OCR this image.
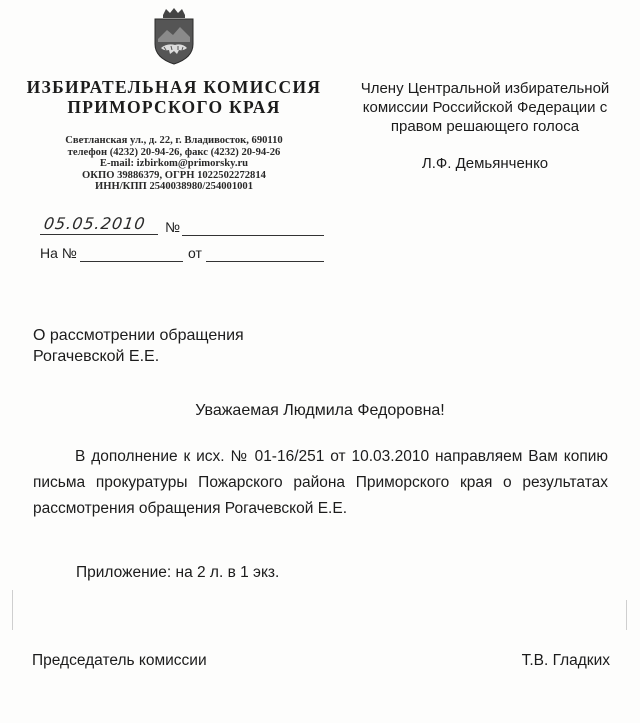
ИЗБИРАТЕЛЬНАЯ КОМИССИЯ
ПРИМОРСКОГО КРАЯ
Светланская ул., д. 22, г. Владивосток, 690110
телефон (4232) 20-94-26, факс (4232) 20-94-26
E-mail: izbirkom@primorsky.ru
ОКПО 39886379, ОГРН 1022502272814
ИНН/КПП 2540038980/254001001
Члену Центральной избирательной
комиссии Российской Федерации с
правом решающего голоса
Л.Ф. Демьянченко
05.05.2010 №
На №	от
О рассмотрении обращения
Рогачевской Е.Е.
Уважаемая Людмила Федоровна!
В дополнение к исх. № 01-16/251 от 10.03.2010 направляем Вам копию
письма прокуратуры Пожарского района Приморского края о результатах
рассмотрения обращения Рогачевской Е.Е.
Приложение: на 2 л. в 1 экз.
Председатель комиссии	Т.В. Гладких
